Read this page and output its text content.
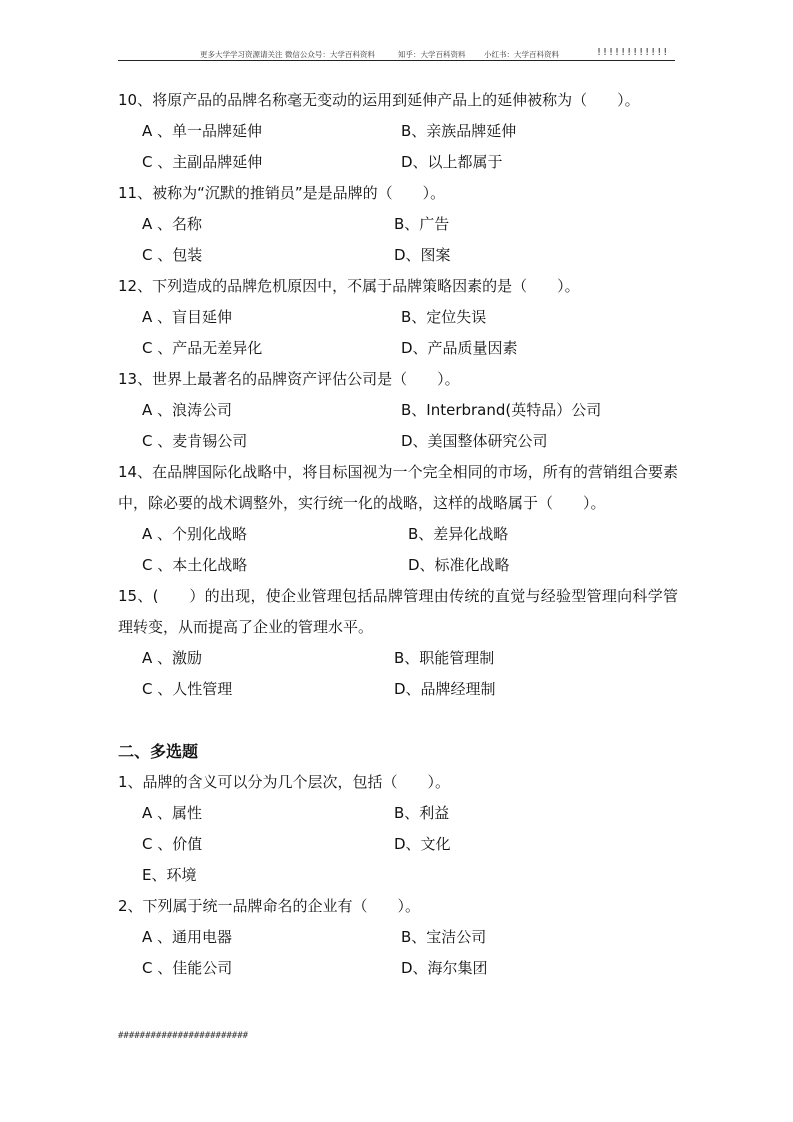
更多大学学习资源请关注 微信公众号：大学百科资料	知乎：大学百科资料 小红书：大学百科资料	!!!!!!!!!!!!
10、将原产品的品牌名称毫无变动的运用到延伸产品上的延伸被称为（　　）。
A 、单一品牌延伸	B、亲族品牌延伸
C 、主副品牌延伸	D、以上都属于
11、被称为“沉默的推销员”是是品牌的（　　）。
A 、名称	B、广告
C 、包装	D、图案
12、下列造成的品牌危机原因中，不属于品牌策略因素的是（　　）。
A 、盲目延伸	B、定位失误
C 、产品无差异化	D、产品质量因素
13、世界上最著名的品牌资产评估公司是（　　）。
A 、浪涛公司	B、Interbrand(英特品）公司
C 、麦肯锡公司	D、美国整体研究公司
14、在品牌国际化战略中，将目标国视为一个完全相同的市场，所有的营销组合要素中，除必要的战术调整外，实行统一化的战略，这样的战略属于（　　）。
A 、个别化战略	B、差异化战略
C 、本土化战略	D、标准化战略
15、(　　）的出现，使企业管理包括品牌管理由传统的直觉与经验型管理向科学管理转变，从而提高了企业的管理水平。
A 、激励	B、职能管理制
C 、人性管理	D、品牌经理制
二、多选题
1、品牌的含义可以分为几个层次，包括（　　）。
A 、属性	B、利益
C 、价值	D、文化
E、环境
2、下列属于统一品牌命名的企业有（　　）。
A 、通用电器	B、宝洁公司
C 、佳能公司	D、海尔集团
########################
